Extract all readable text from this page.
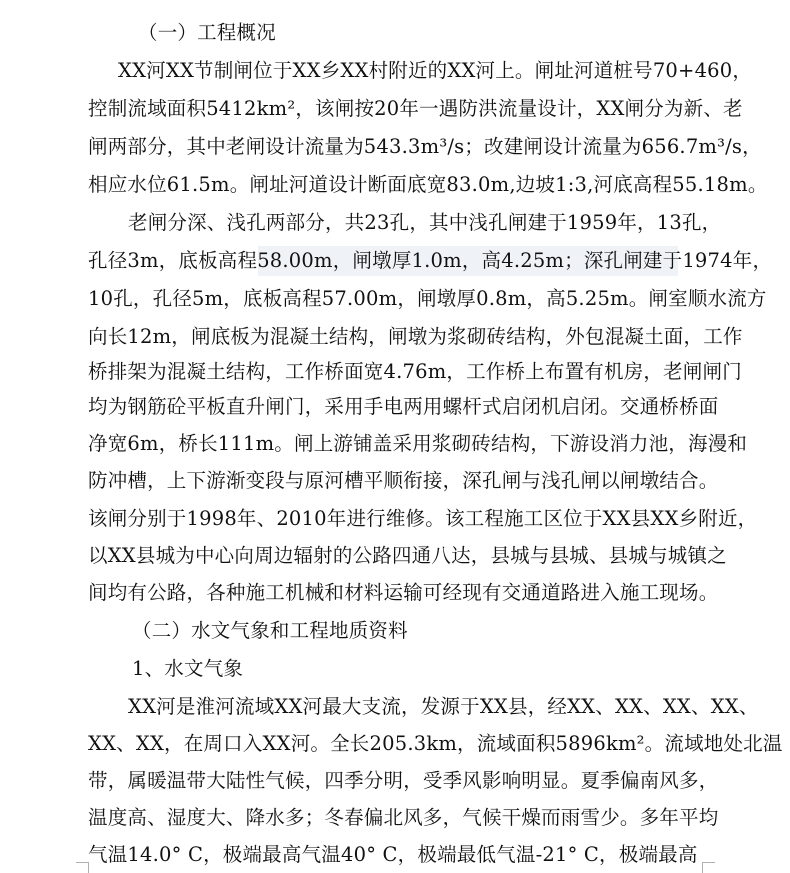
（一）工程概况
XX河XX节制闸位于XX乡XX村附近的XX河上。闸址河道桩号70+460，
控制流域面积5412km²，该闸按20年一遇防洪流量设计，XX闸分为新、老
闸两部分，其中老闸设计流量为543.3m³/s；改建闸设计流量为656.7m³/s，
相应水位61.5m。闸址河道设计断面底宽83.0m,边坡1:3,河底高程55.18m。
老闸分深、浅孔两部分，共23孔，其中浅孔闸建于1959年，13孔，
孔径3m，底板高程58.00m，闸墩厚1.0m，高4.25m；深孔闸建于1974年，
10孔，孔径5m，底板高程57.00m，闸墩厚0.8m，高5.25m。闸室顺水流方
向长12m，闸底板为混凝土结构，闸墩为浆砌砖结构，外包混凝土面，工作
桥排架为混凝土结构，工作桥面宽4.76m，工作桥上布置有机房，老闸闸门
均为钢筋砼平板直升闸门，采用手电两用螺杆式启闭机启闭。交通桥桥面
净宽6m，桥长111m。闸上游铺盖采用浆砌砖结构，下游设消力池，海漫和
防冲槽，上下游渐变段与原河槽平顺衔接，深孔闸与浅孔闸以闸墩结合。
该闸分别于1998年、2010年进行维修。该工程施工区位于XX县XX乡附近，
以XX县城为中心向周边辐射的公路四通八达，县城与县城、县城与城镇之
间均有公路，各种施工机械和材料运输可经现有交通道路进入施工现场。
（二）水文气象和工程地质资料
1、水文气象
XX河是淮河流域XX河最大支流，发源于XX县，经XX、XX、XX、XX、
XX、XX，在周口入XX河。全长205.3km，流域面积5896km²。流域地处北温
带，属暖温带大陆性气候，四季分明，受季风影响明显。夏季偏南风多，
温度高、湿度大、降水多；冬春偏北风多，气候干燥而雨雪少。多年平均
气温14.0° C，极端最高气温40° C，极端最低气温-21° C，极端最高
